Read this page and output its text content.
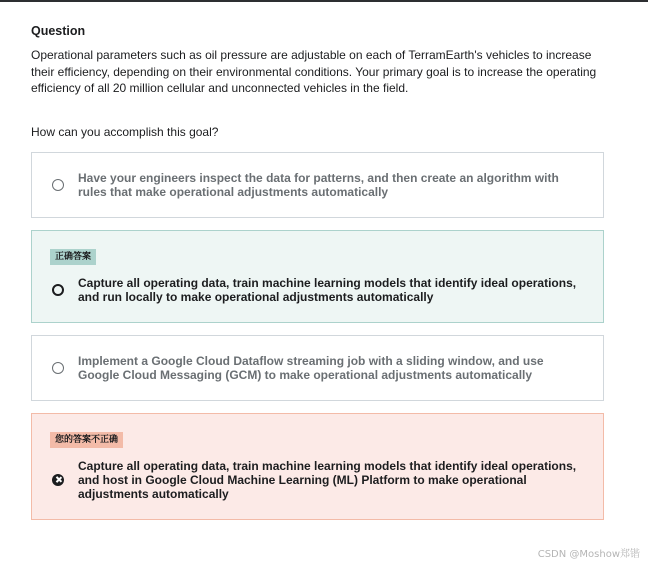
Question

Operational parameters such as oil pressure are adjustable on each of TerramEarth's vehicles to increase their efficiency, depending on their environmental conditions. Your primary goal is to increase the operating efficiency of all 20 million cellular and unconnected vehicles in the field.

How can you accomplish this goal?

Have your engineers inspect the data for patterns, and then create an algorithm with rules that make operational adjustments automatically
正确答案
Capture all operating data, train machine learning models that identify ideal operations, and run locally to make operational adjustments automatically
Implement a Google Cloud Dataflow streaming job with a sliding window, and use Google Cloud Messaging (GCM) to make operational adjustments automatically
您的答案不正确
Capture all operating data, train machine learning models that identify ideal operations, and host in Google Cloud Machine Learning (ML) Platform to make operational adjustments automatically
CSDN @Moshow郑锴
